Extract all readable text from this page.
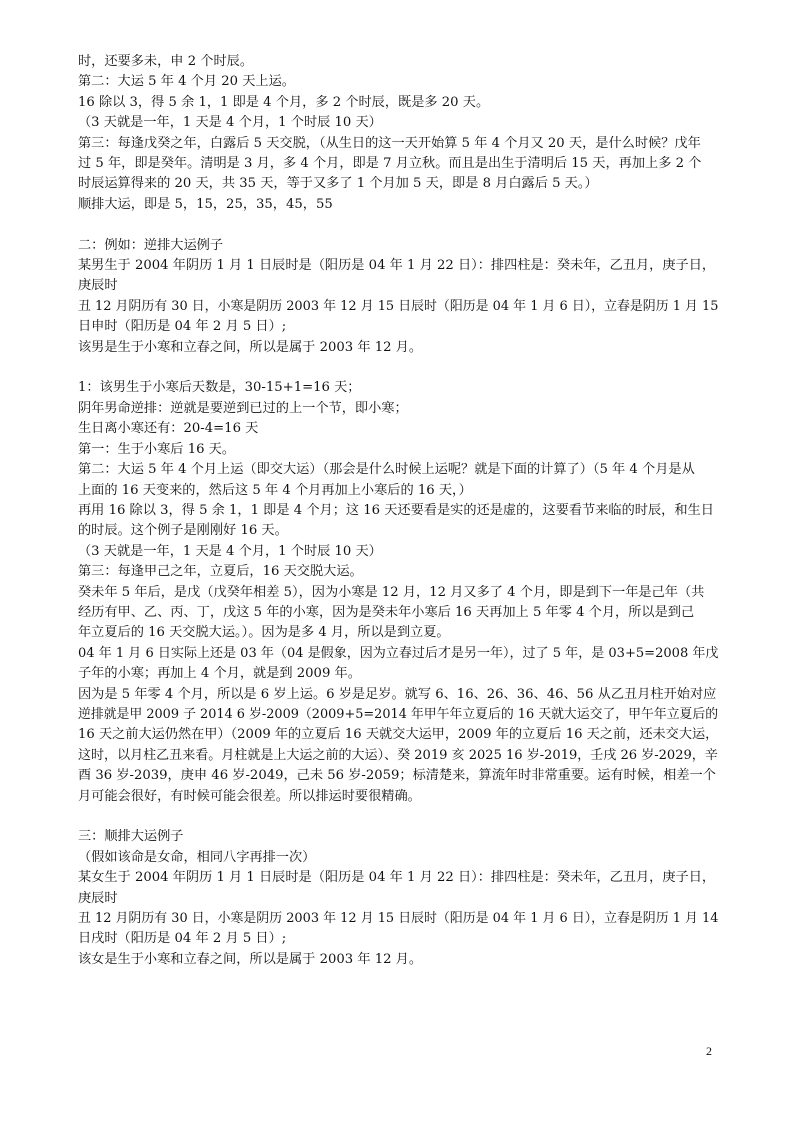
时，还要多未，申 2 个时辰。
第二：大运 5 年 4 个月 20 天上运。
16 除以 3，得 5 余 1，1 即是 4 个月，多 2 个时辰，既是多 20 天。
（3 天就是一年，1 天是 4 个月，1 个时辰 10 天）
第三：每逢戊癸之年，白露后 5 天交脱，（从生日的这一天开始算 5 年 4 个月又 20 天，是什么时候？戊年
过 5 年，即是癸年。清明是 3 月，多 4 个月，即是 7 月立秋。而且是出生于清明后 15 天，再加上多 2 个
时辰运算得来的 20 天，共 35 天，等于又多了 1 个月加 5 天，即是 8 月白露后 5 天。）
顺排大运，即是 5，15，25，35，45，55
二：例如：逆排大运例子
某男生于 2004 年阴历 1 月 1 日辰时是（阳历是 04 年 1 月 22 日）：排四柱是：癸未年，乙丑月，庚子日，
庚辰时
丑 12 月阴历有 30 日，小寒是阴历 2003 年 12 月 15 日辰时（阳历是 04 年 1 月 6 日），立春是阴历 1 月 15
日申时（阳历是 04 年 2 月 5 日）;
该男是生于小寒和立春之间，所以是属于 2003 年 12 月。
1：该男生于小寒后天数是，30-15+1=16 天；
阴年男命逆排：逆就是要逆到已过的上一个节，即小寒；
生日离小寒还有：20-4=16 天
第一：生于小寒后 16 天。
第二：大运 5 年 4 个月上运（即交大运）（那会是什么时候上运呢？就是下面的计算了）（5 年 4 个月是从
上面的 16 天变来的，然后这 5 年 4 个月再加上小寒后的 16 天，）
再用 16 除以 3，得 5 余 1，1 即是 4 个月；这 16 天还要看是实的还是虚的，这要看节来临的时辰，和生日
的时辰。这个例子是刚刚好 16 天。
（3 天就是一年，1 天是 4 个月，1 个时辰 10 天）
第三：每逢甲己之年，立夏后，16 天交脱大运。
癸未年 5 年后，是戊（戊癸年相差 5），因为小寒是 12 月，12 月又多了 4 个月，即是到下一年是己年（共
经历有甲、乙、丙、丁，戊这 5 年的小寒，因为是癸未年小寒后 16 天再加上 5 年零 4 个月，所以是到己
年立夏后的 16 天交脱大运。）。因为是多 4 月，所以是到立夏。
04 年 1 月 6 日实际上还是 03 年（04 是假象，因为立春过后才是另一年），过了 5 年，是 03+5=2008 年戊
子年的小寒；再加上 4 个月，就是到 2009 年。
因为是 5 年零 4 个月，所以是 6 岁上运。6 岁是足岁。就写 6、16、26、36、46、56 从乙丑月柱开始对应
逆排就是甲 2009 子 2014 6 岁-2009（2009+5=2014 年甲午年立夏后的 16 天就大运交了，甲午年立夏后的
16 天之前大运仍然在甲）（2009 年的立夏后 16 天就交大运甲，2009 年的立夏后 16 天之前，还未交大运，
这时，以月柱乙丑来看。月柱就是上大运之前的大运）、癸 2019 亥 2025 16 岁-2019，壬戌 26 岁-2029，辛
酉 36 岁-2039，庚申 46 岁-2049，己未 56 岁-2059；标清楚来，算流年时非常重要。运有时候，相差一个
月可能会很好，有时候可能会很差。所以排运时要很精确。
三：顺排大运例子
（假如该命是女命，相同八字再排一次）
某女生于 2004 年阴历 1 月 1 日辰时是（阳历是 04 年 1 月 22 日）：排四柱是：癸未年，乙丑月，庚子日，
庚辰时
丑 12 月阴历有 30 日，小寒是阴历 2003 年 12 月 15 日辰时（阳历是 04 年 1 月 6 日），立春是阴历 1 月 14
日戌时（阳历是 04 年 2 月 5 日）;
该女是生于小寒和立春之间，所以是属于 2003 年 12 月。
2
